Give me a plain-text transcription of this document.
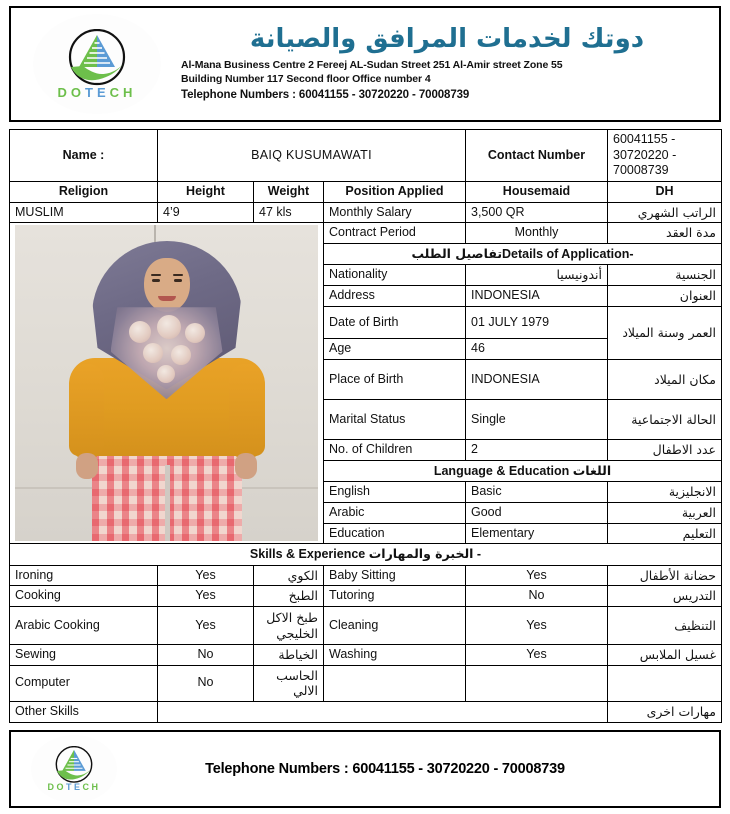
DOTECH
دوتك لخدمات المرافق والصيانة
Al-Mana Business Centre 2 Fereej AL-Sudan Street 251 Al-Amir street Zone 55
Building Number 117 Second floor Office number 4
Telephone Numbers : 60041155 - 30720220 - 70008739
Name :	BAIQ KUSUMAWATI			Contact Number	60041155 - 30720220 - 70008739
Religion	Height	Weight	Position Applied	Housemaid	DH
MUSLIM	4’9	47 kls	Monthly Salary	3,500 QR	الراتب الشهري

			Contract Period	Monthly	مدة العقد
			تفاصيل الطلبDetails of Application-		
			Nationality	أندونيسيا	الجنسية
			Address	INDONESIA	العنوان
			Date of Birth	01 JULY 1979	العمر وسنة الميلاد
			Age	46	
			Place of Birth	INDONESIA	مكان الميلاد
			Marital Status	Single	الحالة الاجتماعية
			No. of Children	2	عدد الاطفال
			Language & Education اللغات		
			English	Basic	الانجليزية
			Arabic	Good	العربية
			Education	Elementary	التعليم
Skills & Experience الخبرة والمهارات -					
Ironing	Yes	الكوي	Baby Sitting	Yes	حضانة الأطفال
Cooking	Yes	الطبخ	Tutoring	No	التدريس
Arabic Cooking	Yes	طبخ الاكل الخليجي	Cleaning	Yes	التنظيف
Sewing	No	الخياطة	Washing	Yes	غسيل الملابس
Computer	No	الحاسب الالي			
Other Skills					مهارات اخرى
DOTECH
Telephone Numbers : 60041155 - 30720220 - 70008739
